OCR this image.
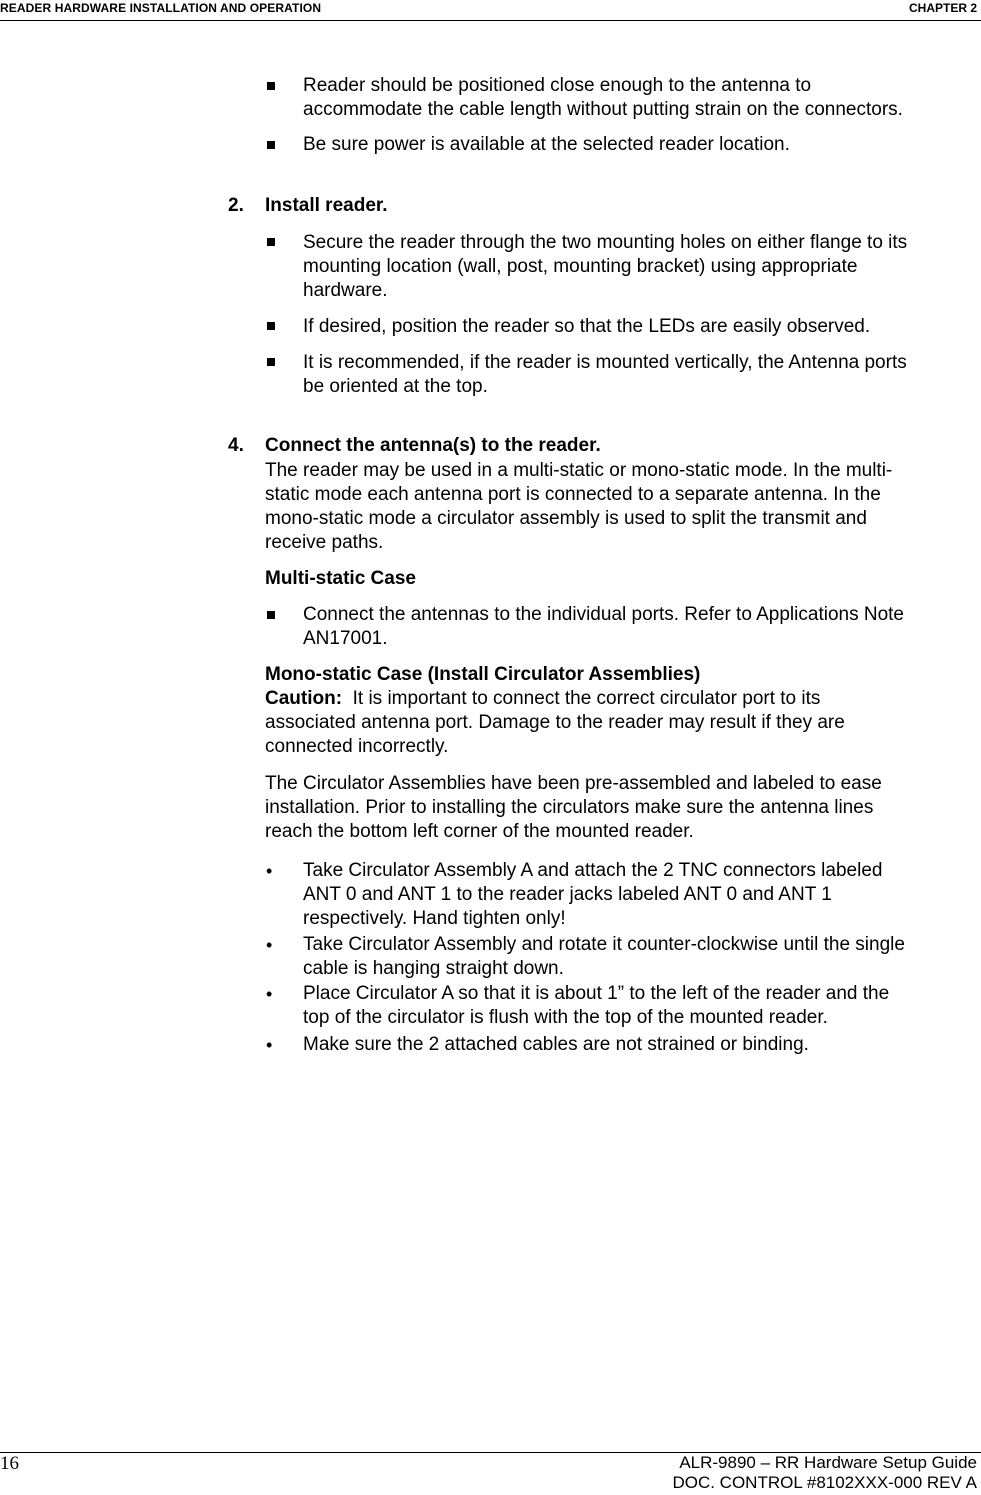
READER HARDWARE INSTALLATION AND OPERATION	CHAPTER 2
Reader should be positioned close enough to the antenna to
accommodate the cable length without putting strain on the connectors.
Be sure power is available at the selected reader location.
2. Install reader.
Secure the reader through the two mounting holes on either flange to its
mounting location (wall, post, mounting bracket) using appropriate
hardware.
If desired, position the reader so that the LEDs are easily observed.
It is recommended, if the reader is mounted vertically, the Antenna ports
be oriented at the top.
4. Connect the antenna(s) to the reader.
The reader may be used in a multi-static or mono-static mode. In the multi-
static mode each antenna port is connected to a separate antenna. In the
mono-static mode a circulator assembly is used to split the transmit and
receive paths.
Multi-static Case
Connect the antennas to the individual ports. Refer to Applications Note
AN17001.
Mono-static Case (Install Circulator Assemblies)
Caution:  It is important to connect the correct circulator port to its
associated antenna port. Damage to the reader may result if they are
connected incorrectly.
The Circulator Assemblies have been pre-assembled and labeled to ease
installation. Prior to installing the circulators make sure the antenna lines
reach the bottom left corner of the mounted reader.
• Take Circulator Assembly A and attach the 2 TNC connectors labeled
ANT 0 and ANT 1 to the reader jacks labeled ANT 0 and ANT 1
respectively. Hand tighten only!
• Take Circulator Assembly and rotate it counter-clockwise until the single
cable is hanging straight down.
• Place Circulator A so that it is about 1” to the left of the reader and the
top of the circulator is flush with the top of the mounted reader.
• Make sure the 2 attached cables are not strained or binding.
16	ALR-9890 – RR Hardware Setup Guide
DOC. CONTROL #8102XXX-000 REV A
